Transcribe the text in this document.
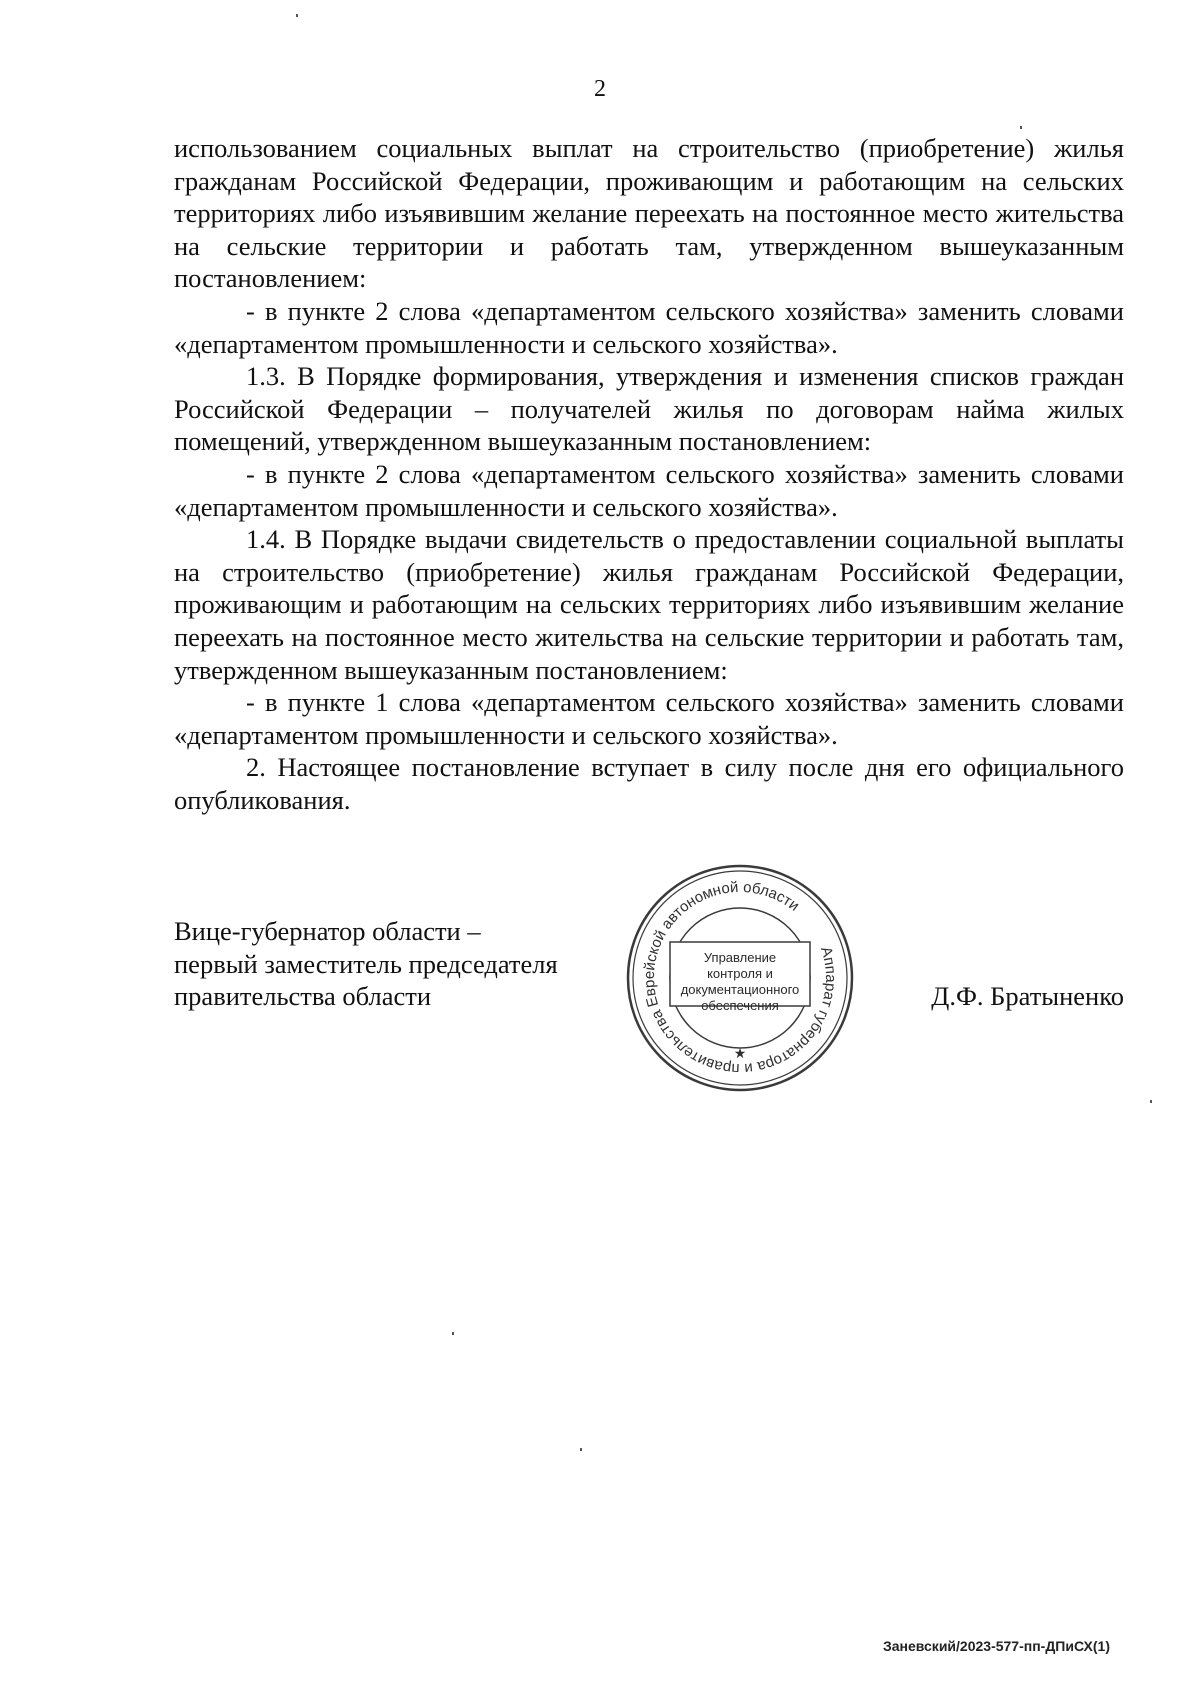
2

использованием социальных выплат на строительство (приобретение) жилья гражданам Российской Федерации, проживающим и работающим на сельских территориях либо изъявившим желание переехать на постоянное место жительства на сельские территории и работать там, утвержденном вышеуказанным постановлением:

- в пункте 2 слова «департаментом сельского хозяйства» заменить словами «департаментом промышленности и сельского хозяйства».

1.3. В Порядке формирования, утверждения и изменения списков граждан Российской Федерации – получателей жилья по договорам найма жилых помещений, утвержденном вышеуказанным постановлением:

- в пункте 2 слова «департаментом сельского хозяйства» заменить словами «департаментом промышленности и сельского хозяйства».

1.4. В Порядке выдачи свидетельств о предоставлении социальной выплаты на строительство (приобретение) жилья гражданам Российской Федерации, проживающим и работающим на сельских территориях либо изъявившим желание переехать на постоянное место жительства на сельские территории и работать там, утвержденном вышеуказанным постановлением:

- в пункте 1 слова «департаментом сельского хозяйства» заменить словами «департаментом промышленности и сельского хозяйства».

2. Настоящее постановление вступает в силу после дня его официального опубликования.

Вице-губернатор области –
первый заместитель председателя
правительства области
Аппарат губернатора и правительства Еврейской автономной области
★
Управление контроля и
документационного
обеспечения	Д.Ф. Братыненко
Заневский/2023-577-пп-ДПиСХ(1)
